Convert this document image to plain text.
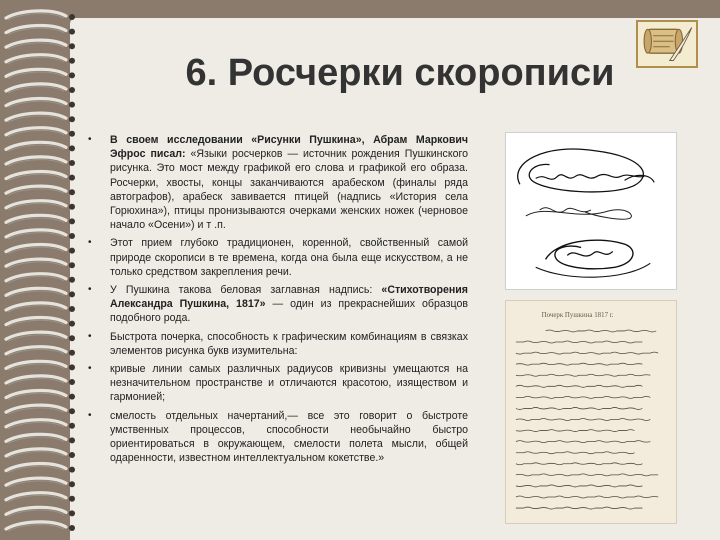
6. Росчерки скорописи
• В своем исследовании «Рисунки Пушкина», Абрам Маркович Эфрос писал: «Языки росчерков — источник рождения Пушкинского рисунка. Это мост между графикой его слова и графикой его образа. Росчерки, хвосты, концы заканчиваются арабеском (финалы ряда автографов), арабеск завивается птицей (надпись «История села Горюхина»), птицы пронизываются очерками женских ножек (черновое начало «Осени») и т .п.
• Этот прием глубоко традиционен, коренной, свойственный самой природе скорописи в те времена, когда она была еще искусством, а не только средством закрепления речи.
• У Пушкина такова беловая заглавная надпись: «Стихотворения Александра Пушкина, 1817» — один из прекраснейших образцов подобного рода.
• Быстрота почерка, способность к графическим комбинациям в связках элементов рисунка букв изумительна:
• кривые линии самых различных радиусов кривизны умещаются на незначительном пространстве и отличаются красотою, изяществом и гармонией;
• смелость отдельных начертаний,— все это говорит о быстроте умственных процессов, способности необычайно быстро ориентироваться в окружающем, смелости полета мысли, общей одаренности, известном интеллектуальном кокетстве.»
Почерк Пушкина 1817 г.
